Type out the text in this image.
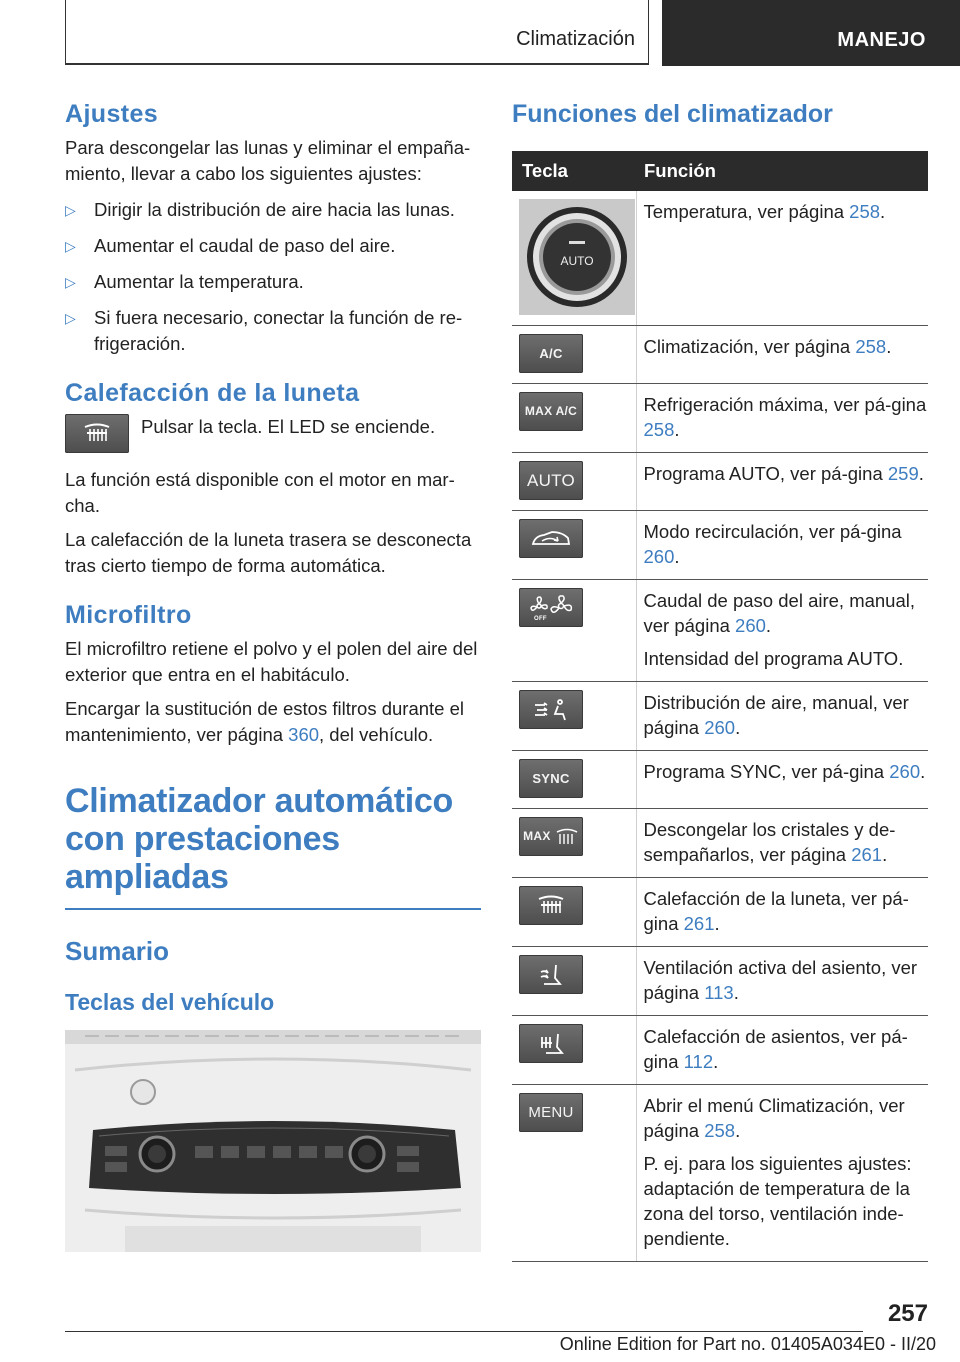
Climatización	MANEJO
Ajustes

Para descongelar las lunas y eliminar el empaña-miento, llevar a cabo los siguientes ajustes:

▷ Dirigir la distribución de aire hacia las lunas.
▷ Aumentar el caudal de paso del aire.
▷ Aumentar la temperatura.
▷ Si fuera necesario, conectar la función de re-frigeración.
Calefacción de la luneta
Pulsar la tecla. El LED se enciende.

La función está disponible con el motor en mar-cha.

La calefacción de la luneta trasera se desconecta tras cierto tiempo de forma automática.

Microfiltro

El microfiltro retiene el polvo y el polen del aire del exterior que entra en el habitáculo.

Encargar la sustitución de estos filtros durante el mantenimiento, ver página 360, del vehículo.

Climatizador automático con prestaciones ampliadas
Sumario
Teclas del vehículo
Funciones del climatizador
Tecla	Función

AUTO	Temperatura, ver página 258.

A/C	Climatización, ver página 258.

MAX A/C	Refrigeración máxima, ver pá-gina 258.

AUTO	Programa AUTO, ver pá-gina 259.

Modo recirculación, ver pá-gina 260.

OFF	Caudal de paso del aire, manual, ver página 260.

Intensidad del programa AUTO.

Distribución de aire, manual, ver página 260.

SYNC	Programa SYNC, ver pá-gina 260.

MAX	Descongelar los cristales y de-sempañarlos, ver página 261.

Calefacción de la luneta, ver pá-gina 261.

Ventilación activa del asiento, ver página 113.

Calefacción de asientos, ver pá-gina 112.

MENU	Abrir el menú Climatización, ver página 258.

P. ej. para los siguientes ajustes: adaptación de temperatura de la zona del torso, ventilación inde-pendiente.

257
Online Edition for Part no. 01405A034E0 - II/20
